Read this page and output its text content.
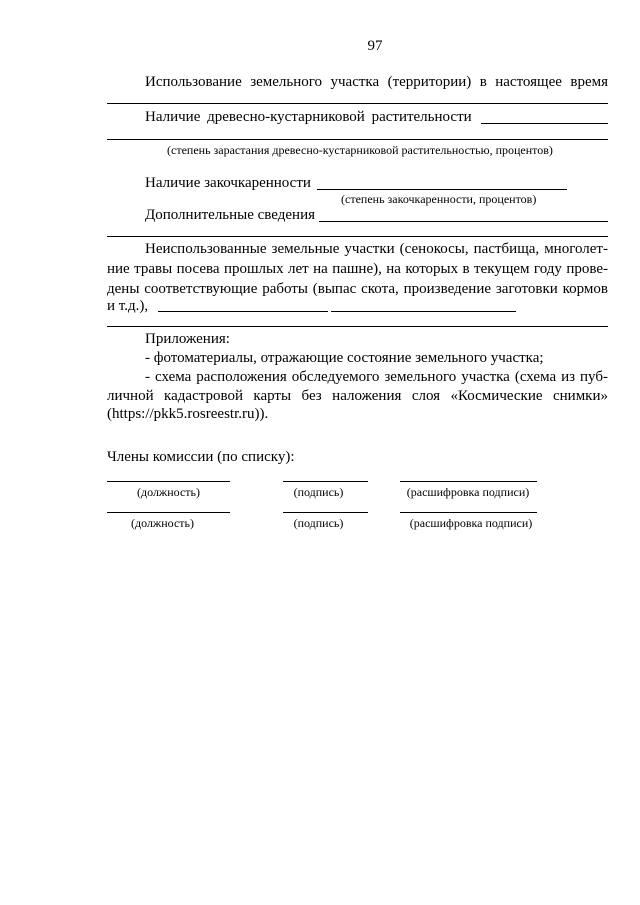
97
Использование земельного участка (территории) в настоящее время
Наличие древесно-кустарниковой растительности
(степень зарастания древесно-кустарниковой растительностью, процентов)
Наличие закочкаренности
(степень закочкаренности, процентов)
Дополнительные сведения
Неиспользованные земельные участки (сенокосы, пастбища, многолет-
ние травы посева прошлых лет на пашне), на которых в текущем году прове-
дены соответствующие работы (выпас скота, произведение заготовки кормов
и т.д.),
Приложения:
- фотоматериалы, отражающие состояние земельного участка;
- схема расположения обследуемого земельного участка (схема из пуб-
личной кадастровой карты без наложения слоя «Космические снимки»
(https://pkk5.rosreestr.ru)).
Члены комиссии (по списку):
(должность)	(подпись)	(расшифровка подписи)
(должность)	(подпись)	(расшифровка подписи)
